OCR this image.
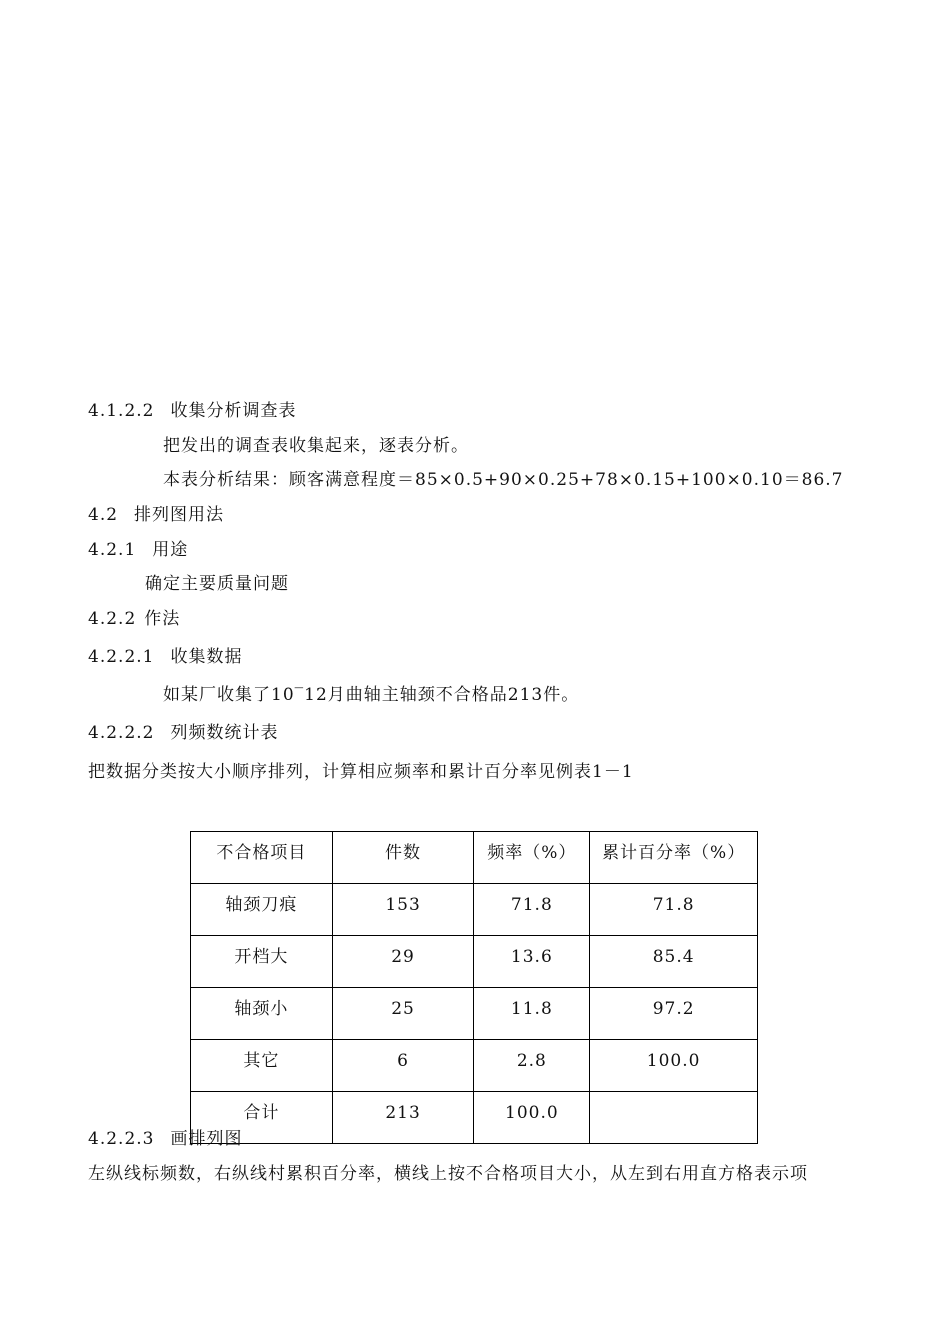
4.1.2.2 收集分析调查表
把发出的调查表收集起来，逐表分析。
本表分析结果：顾客满意程度＝85×0.5+90×0.25+78×0.15+100×0.10＝86.7
4.2 排列图用法
4.2.1 用途
确定主要质量问题
4.2.2 作法
4.2.2.1 收集数据
如某厂收集了10‾12月曲轴主轴颈不合格品213件。
4.2.2.2 列频数统计表
把数据分类按大小顺序排列，计算相应频率和累计百分率见例表1－1
不合格项目	件数	频率（%）	累计百分率（%）
轴颈刀痕	153	71.8	71.8
开档大	29	13.6	85.4
轴颈小	25	11.8	97.2
其它	6	2.8	100.0
合计	213	100.0	
4.2.2.3 画排列图
左纵线标频数，右纵线村累积百分率，横线上按不合格项目大小，从左到右用直方格表示项
